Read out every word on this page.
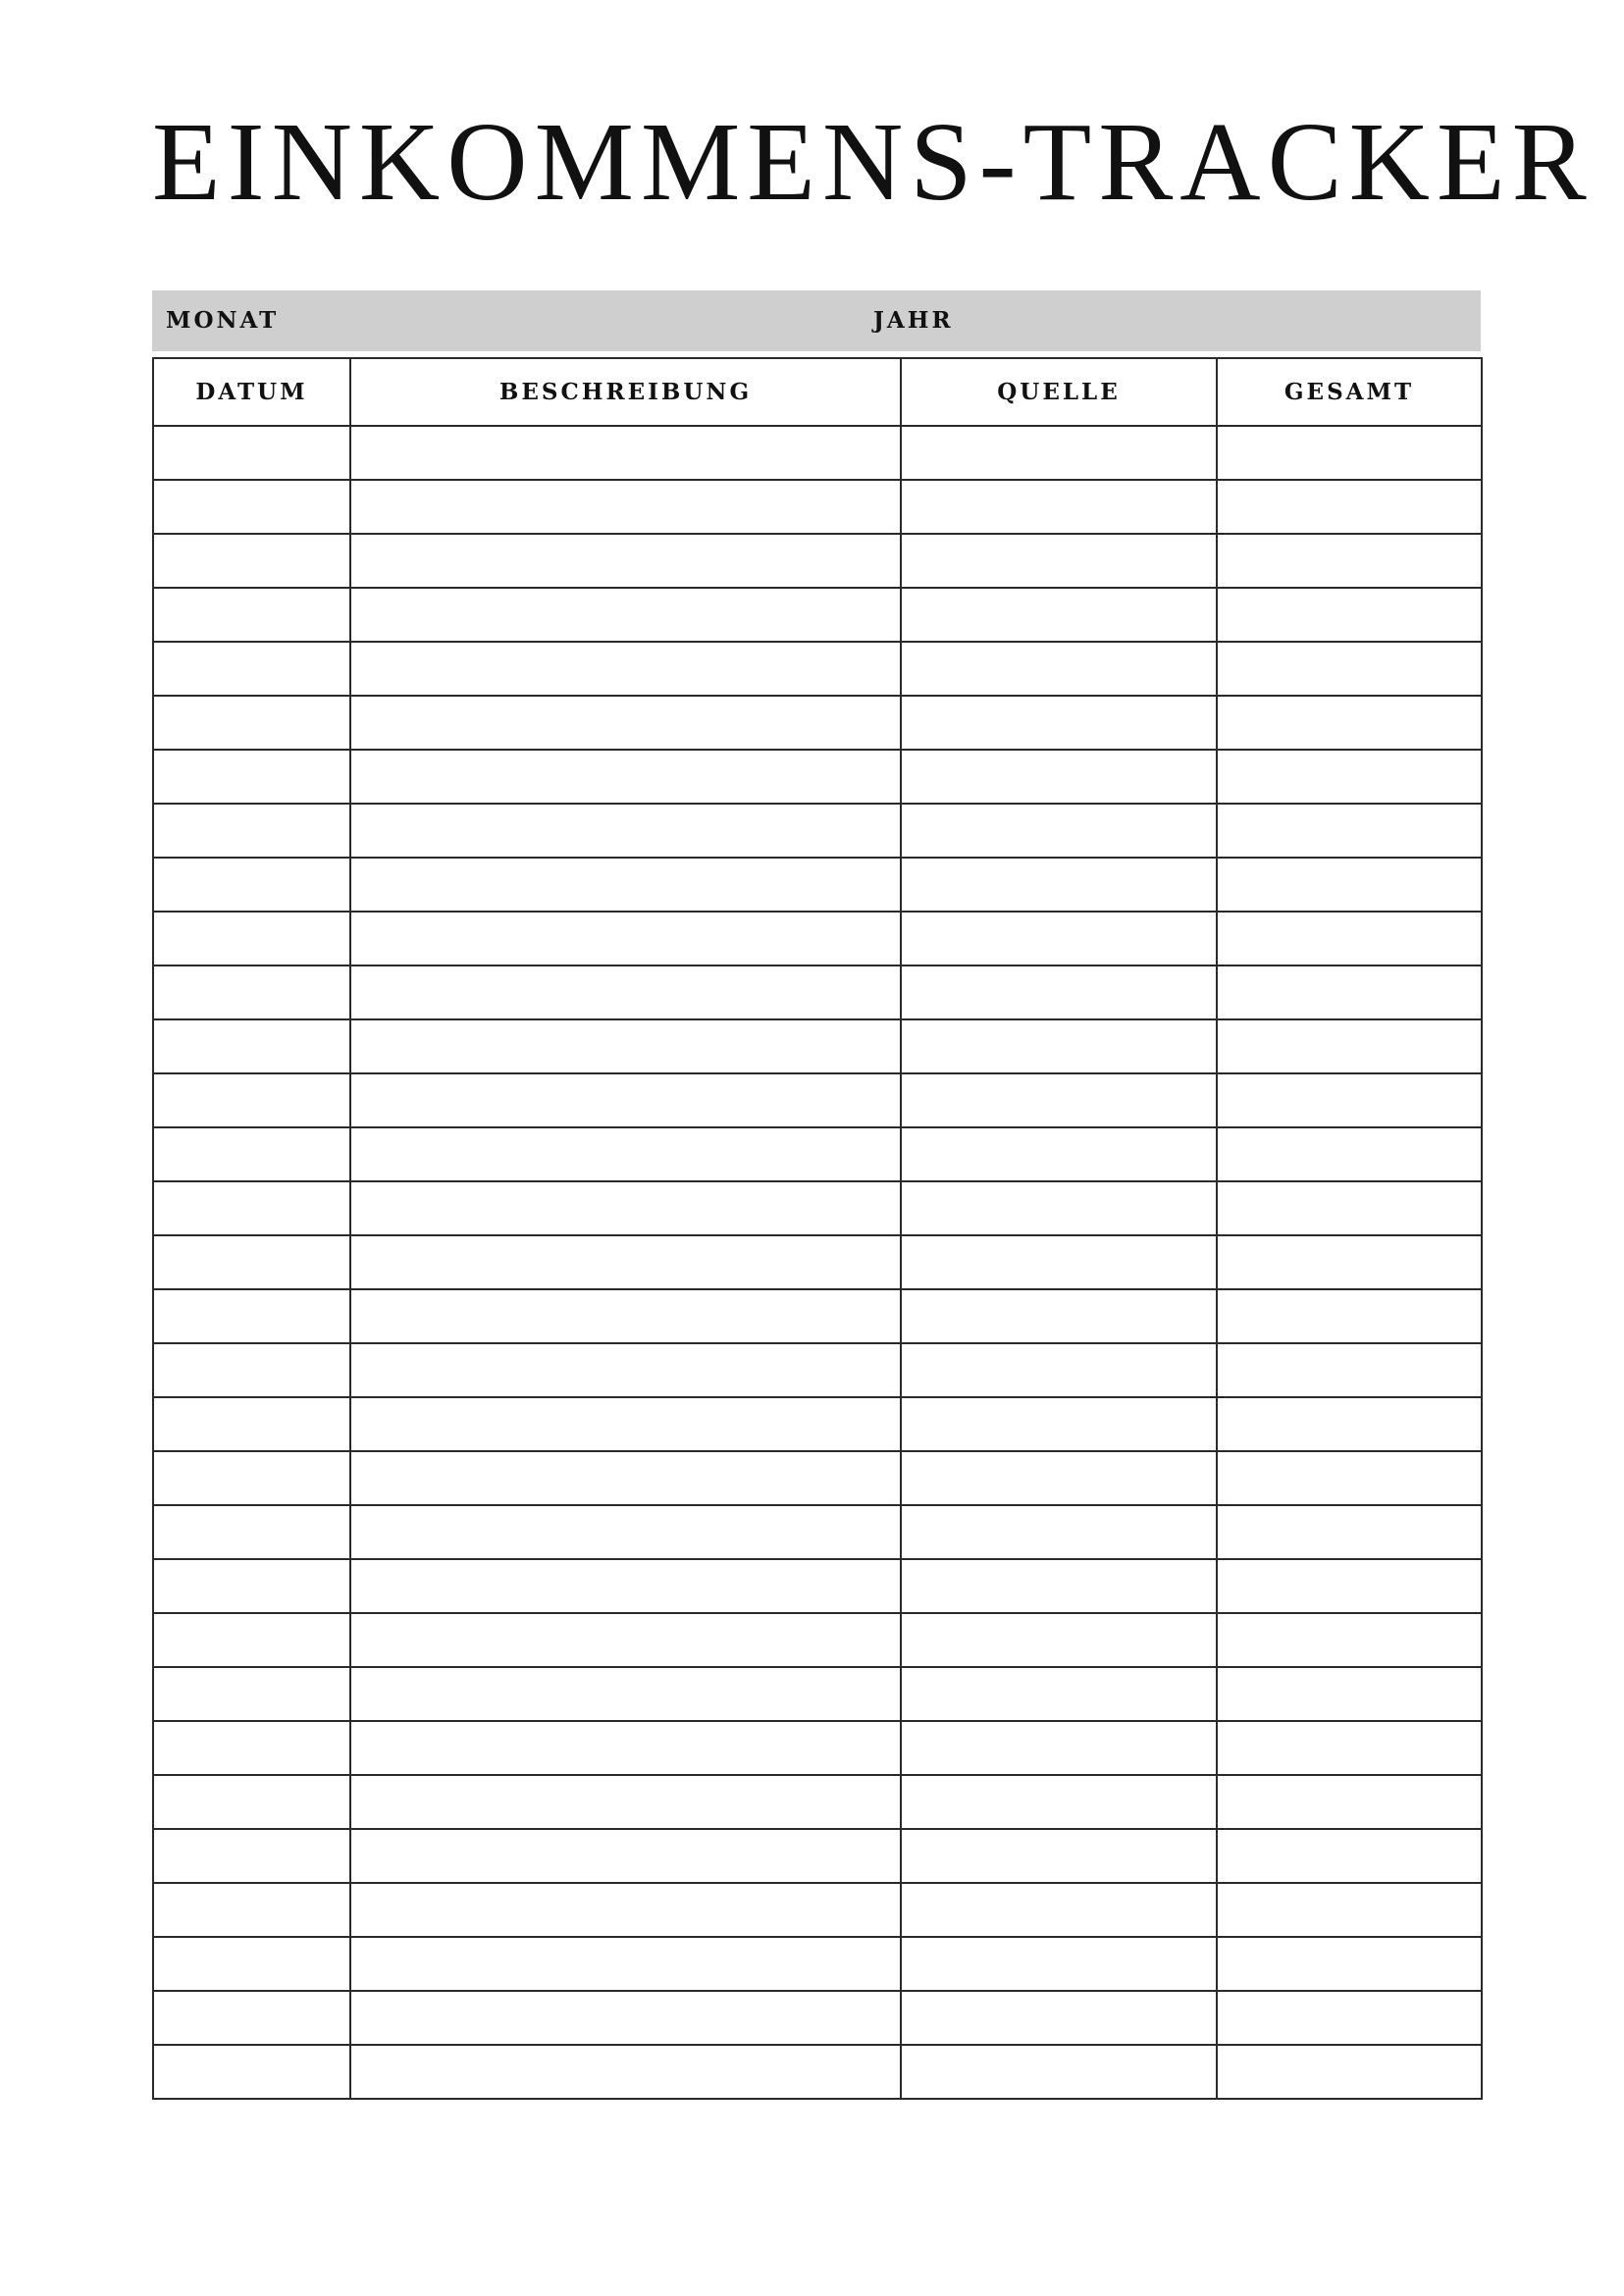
EINKOMMENS-TRACKER
MONAT	JAHR
DATUM	BESCHREIBUNG	QUELLE	GESAMT
